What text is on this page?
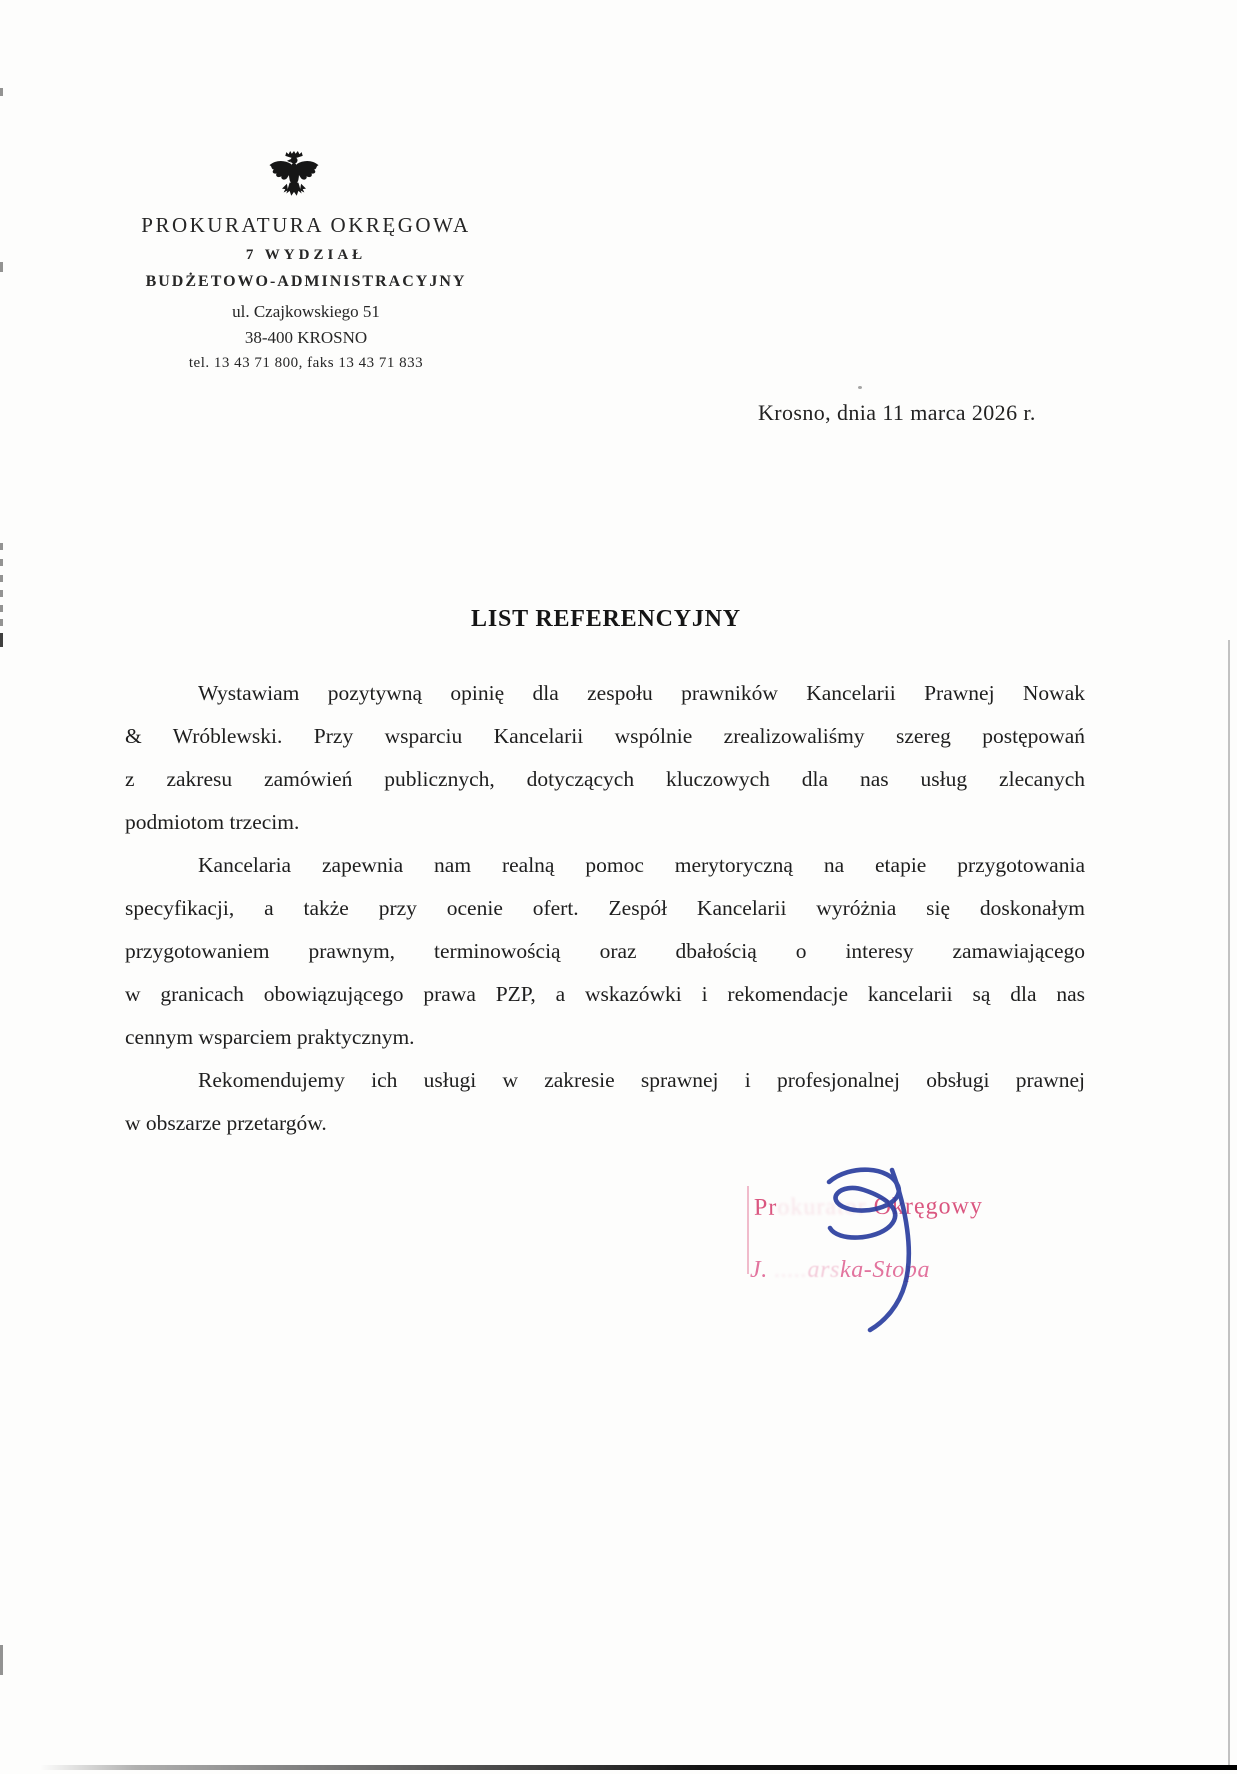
PROKURATURA OKRĘGOWA
7 WYDZIAŁ
BUDŻETOWO-ADMINISTRACYJNY
ul. Czajkowskiego 51
38-400 KROSNO
tel. 13 43 71 800, faks 13 43 71 833
Krosno, dnia 11 marca 2026 r.
LIST REFERENCYJNY
Wystawiam pozytywną opinię dla zespołu prawników Kancelarii Prawnej Nowak
& Wróblewski. Przy wsparciu Kancelarii wspólnie zrealizowaliśmy szereg postępowań
z zakresu zamówień publicznych, dotyczących kluczowych dla nas usług zlecanych
podmiotom trzecim.
Kancelaria zapewnia nam realną pomoc merytoryczną na etapie przygotowania
specyfikacji, a także przy ocenie ofert. Zespół Kancelarii wyróżnia się doskonałym
przygotowaniem prawnym, terminowością oraz dbałością o interesy zamawiającego
w granicach obowiązującego prawa PZP, a wskazówki i rekomendacje kancelarii są dla nas
cennym wsparciem praktycznym.
Rekomendujemy ich usługi w zakresie sprawnej i profesjonalnej obsługi prawnej
w obszarze przetargów.
Prokurator Okręgowy
J. .....arska-Stopa
